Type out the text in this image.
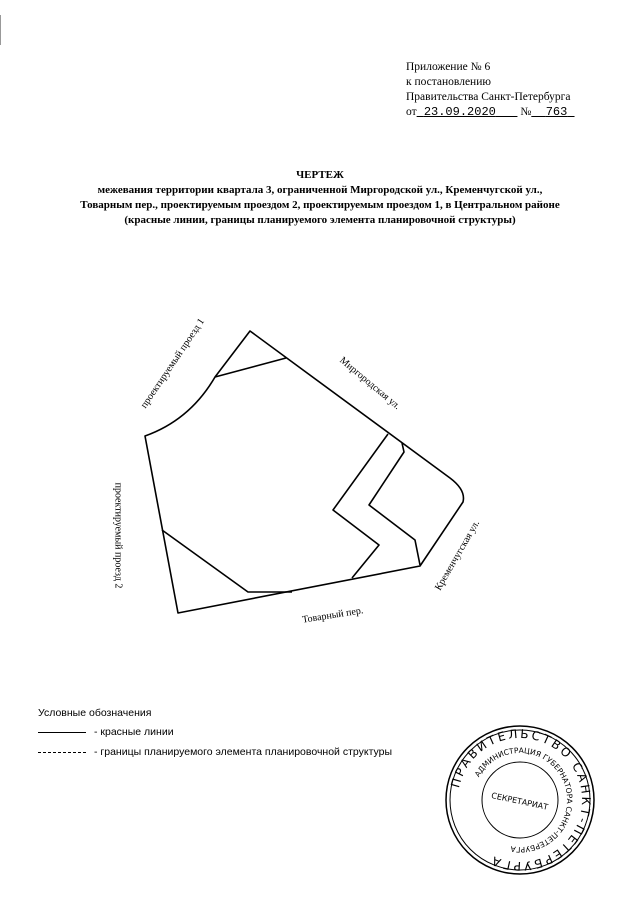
Приложение № 6
к постановлению
Правительства Санкт-Петербурга
от 23.09.2020 № 763
ЧЕРТЕЖ
межевания территории квартала 3, ограниченной Миргородской ул., Кременчугской ул.,
Товарным пер., проектируемым проездом 2, проектируемым проездом 1, в Центральном районе
(красные линии, границы планируемого элемента планировочной структуры)
проектируемый проезд 1	Миргородская ул.
проектируемый проезд 2	Кременчугская ул.
Товарный пер.
Условные обозначения
- красные линии
- границы планируемого элемента планировочной структуры
ПРАВИТЕЛЬСТВО САНКТ-ПЕТЕРБУРГА
АДМИНИСТРАЦИЯ ГУБЕРНАТОРА САНКТ-ПЕТЕРБУРГА
СЕКРЕТАРИАТ
